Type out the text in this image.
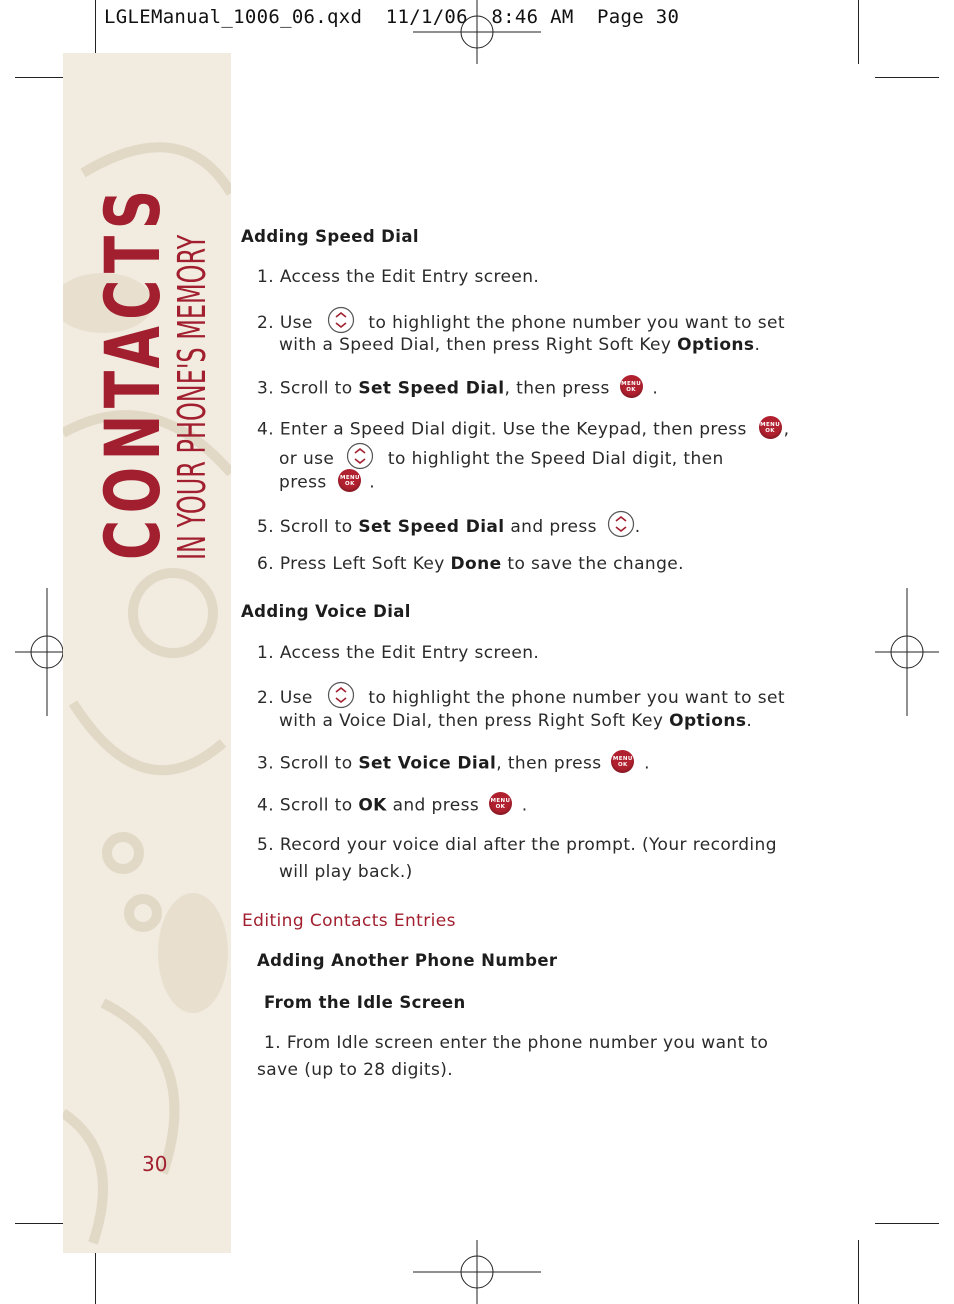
LGLEManual_1006_06.qxd  11/1/06  8:46 AM  Page 30
CONTACTS
IN YOUR PHONE'S MEMORY
30
Adding Speed Dial
1. Access the Edit Entry screen.
2. Use	to highlight the phone number you want to set
with a Speed Dial, then press Right Soft Key Options.
3. Scroll to Set Speed Dial, then press MENU
OK .
4. Enter a Speed Dial digit. Use the Keypad, then press MENU
OK ,
or use	to highlight the Speed Dial digit, then
press MENU
OK .
5. Scroll to Set Speed Dial and press .
6. Press Left Soft Key Done to save the change.
Adding Voice Dial
1. Access the Edit Entry screen.
2. Use	to highlight the phone number you want to set
with a Voice Dial, then press Right Soft Key Options.
3. Scroll to Set Voice Dial, then press MENU
OK .
4. Scroll to OK and press MENU
OK .
5. Record your voice dial after the prompt. (Your recording
will play back.)
Editing Contacts Entries
Adding Another Phone Number
From the Idle Screen
1. From Idle screen enter the phone number you want to
save (up to 28 digits).
